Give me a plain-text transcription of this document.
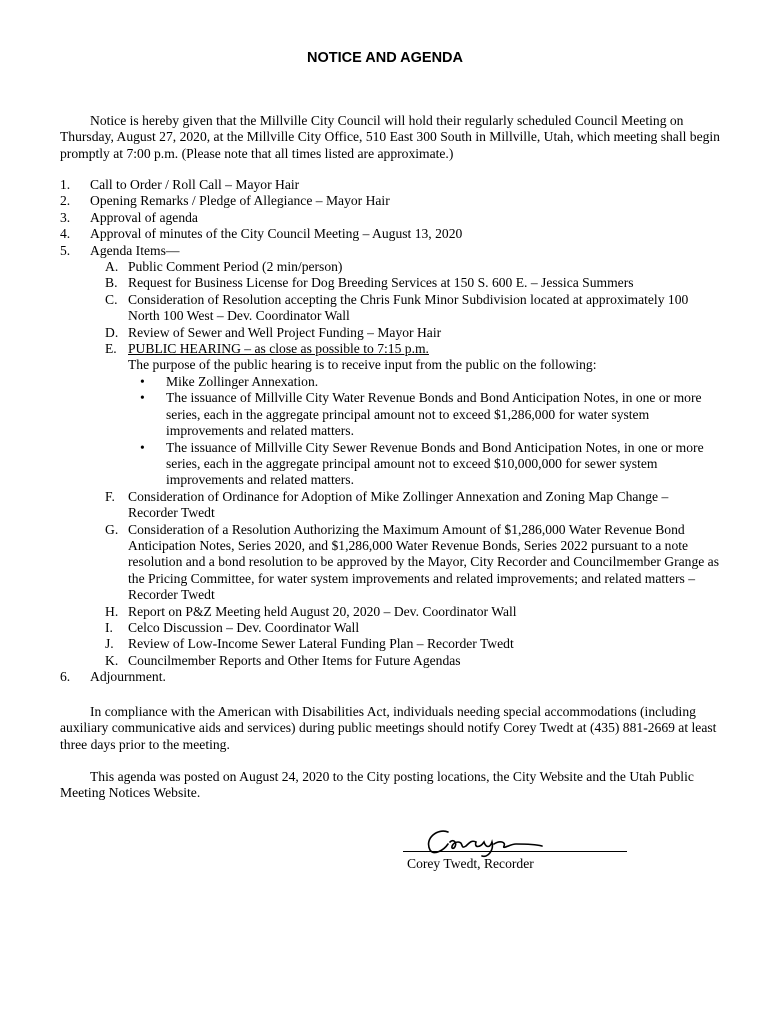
NOTICE AND AGENDA
Notice is hereby given that the Millville City Council will hold their regularly scheduled Council Meeting on Thursday, August 27, 2020, at the Millville City Office, 510 East 300 South in Millville, Utah, which meeting shall begin promptly at 7:00 p.m. (Please note that all times listed are approximate.)
1. Call to Order / Roll Call – Mayor Hair
2. Opening Remarks / Pledge of Allegiance – Mayor Hair
3. Approval of agenda
4. Approval of minutes of the City Council Meeting – August 13, 2020
5. Agenda Items—
A. Public Comment Period (2 min/person)
B. Request for Business License for Dog Breeding Services at 150 S. 600 E. – Jessica Summers
C. Consideration of Resolution accepting the Chris Funk Minor Subdivision located at approximately 100 North 100 West – Dev. Coordinator Wall
D. Review of Sewer and Well Project Funding – Mayor Hair
E. PUBLIC HEARING – as close as possible to 7:15 p.m.
The purpose of the public hearing is to receive input from the public on the following:
• Mike Zollinger Annexation.
• The issuance of Millville City Water Revenue Bonds and Bond Anticipation Notes, in one or more series, each in the aggregate principal amount not to exceed $1,286,000 for water system improvements and related matters.
• The issuance of Millville City Sewer Revenue Bonds and Bond Anticipation Notes, in one or more series, each in the aggregate principal amount not to exceed $10,000,000 for sewer system improvements and related matters.
F. Consideration of Ordinance for Adoption of Mike Zollinger Annexation and Zoning Map Change – Recorder Twedt
G. Consideration of a Resolution Authorizing the Maximum Amount of $1,286,000 Water Revenue Bond Anticipation Notes, Series 2020, and $1,286,000 Water Revenue Bonds, Series 2022 pursuant to a note resolution and a bond resolution to be approved by the Mayor, City Recorder and Councilmember Grange as the Pricing Committee, for water system improvements and related improvements; and related matters – Recorder Twedt
H. Report on P&Z Meeting held August 20, 2020 – Dev. Coordinator Wall
I. Celco Discussion – Dev. Coordinator Wall
J. Review of Low-Income Sewer Lateral Funding Plan – Recorder Twedt
K. Councilmember Reports and Other Items for Future Agendas
6. Adjournment.
In compliance with the American with Disabilities Act, individuals needing special accommodations (including auxiliary communicative aids and services) during public meetings should notify Corey Twedt at (435) 881-2669 at least three days prior to the meeting.
This agenda was posted on August 24, 2020 to the City posting locations, the City Website and the Utah Public Meeting Notices Website.
Corey Twedt, Recorder
